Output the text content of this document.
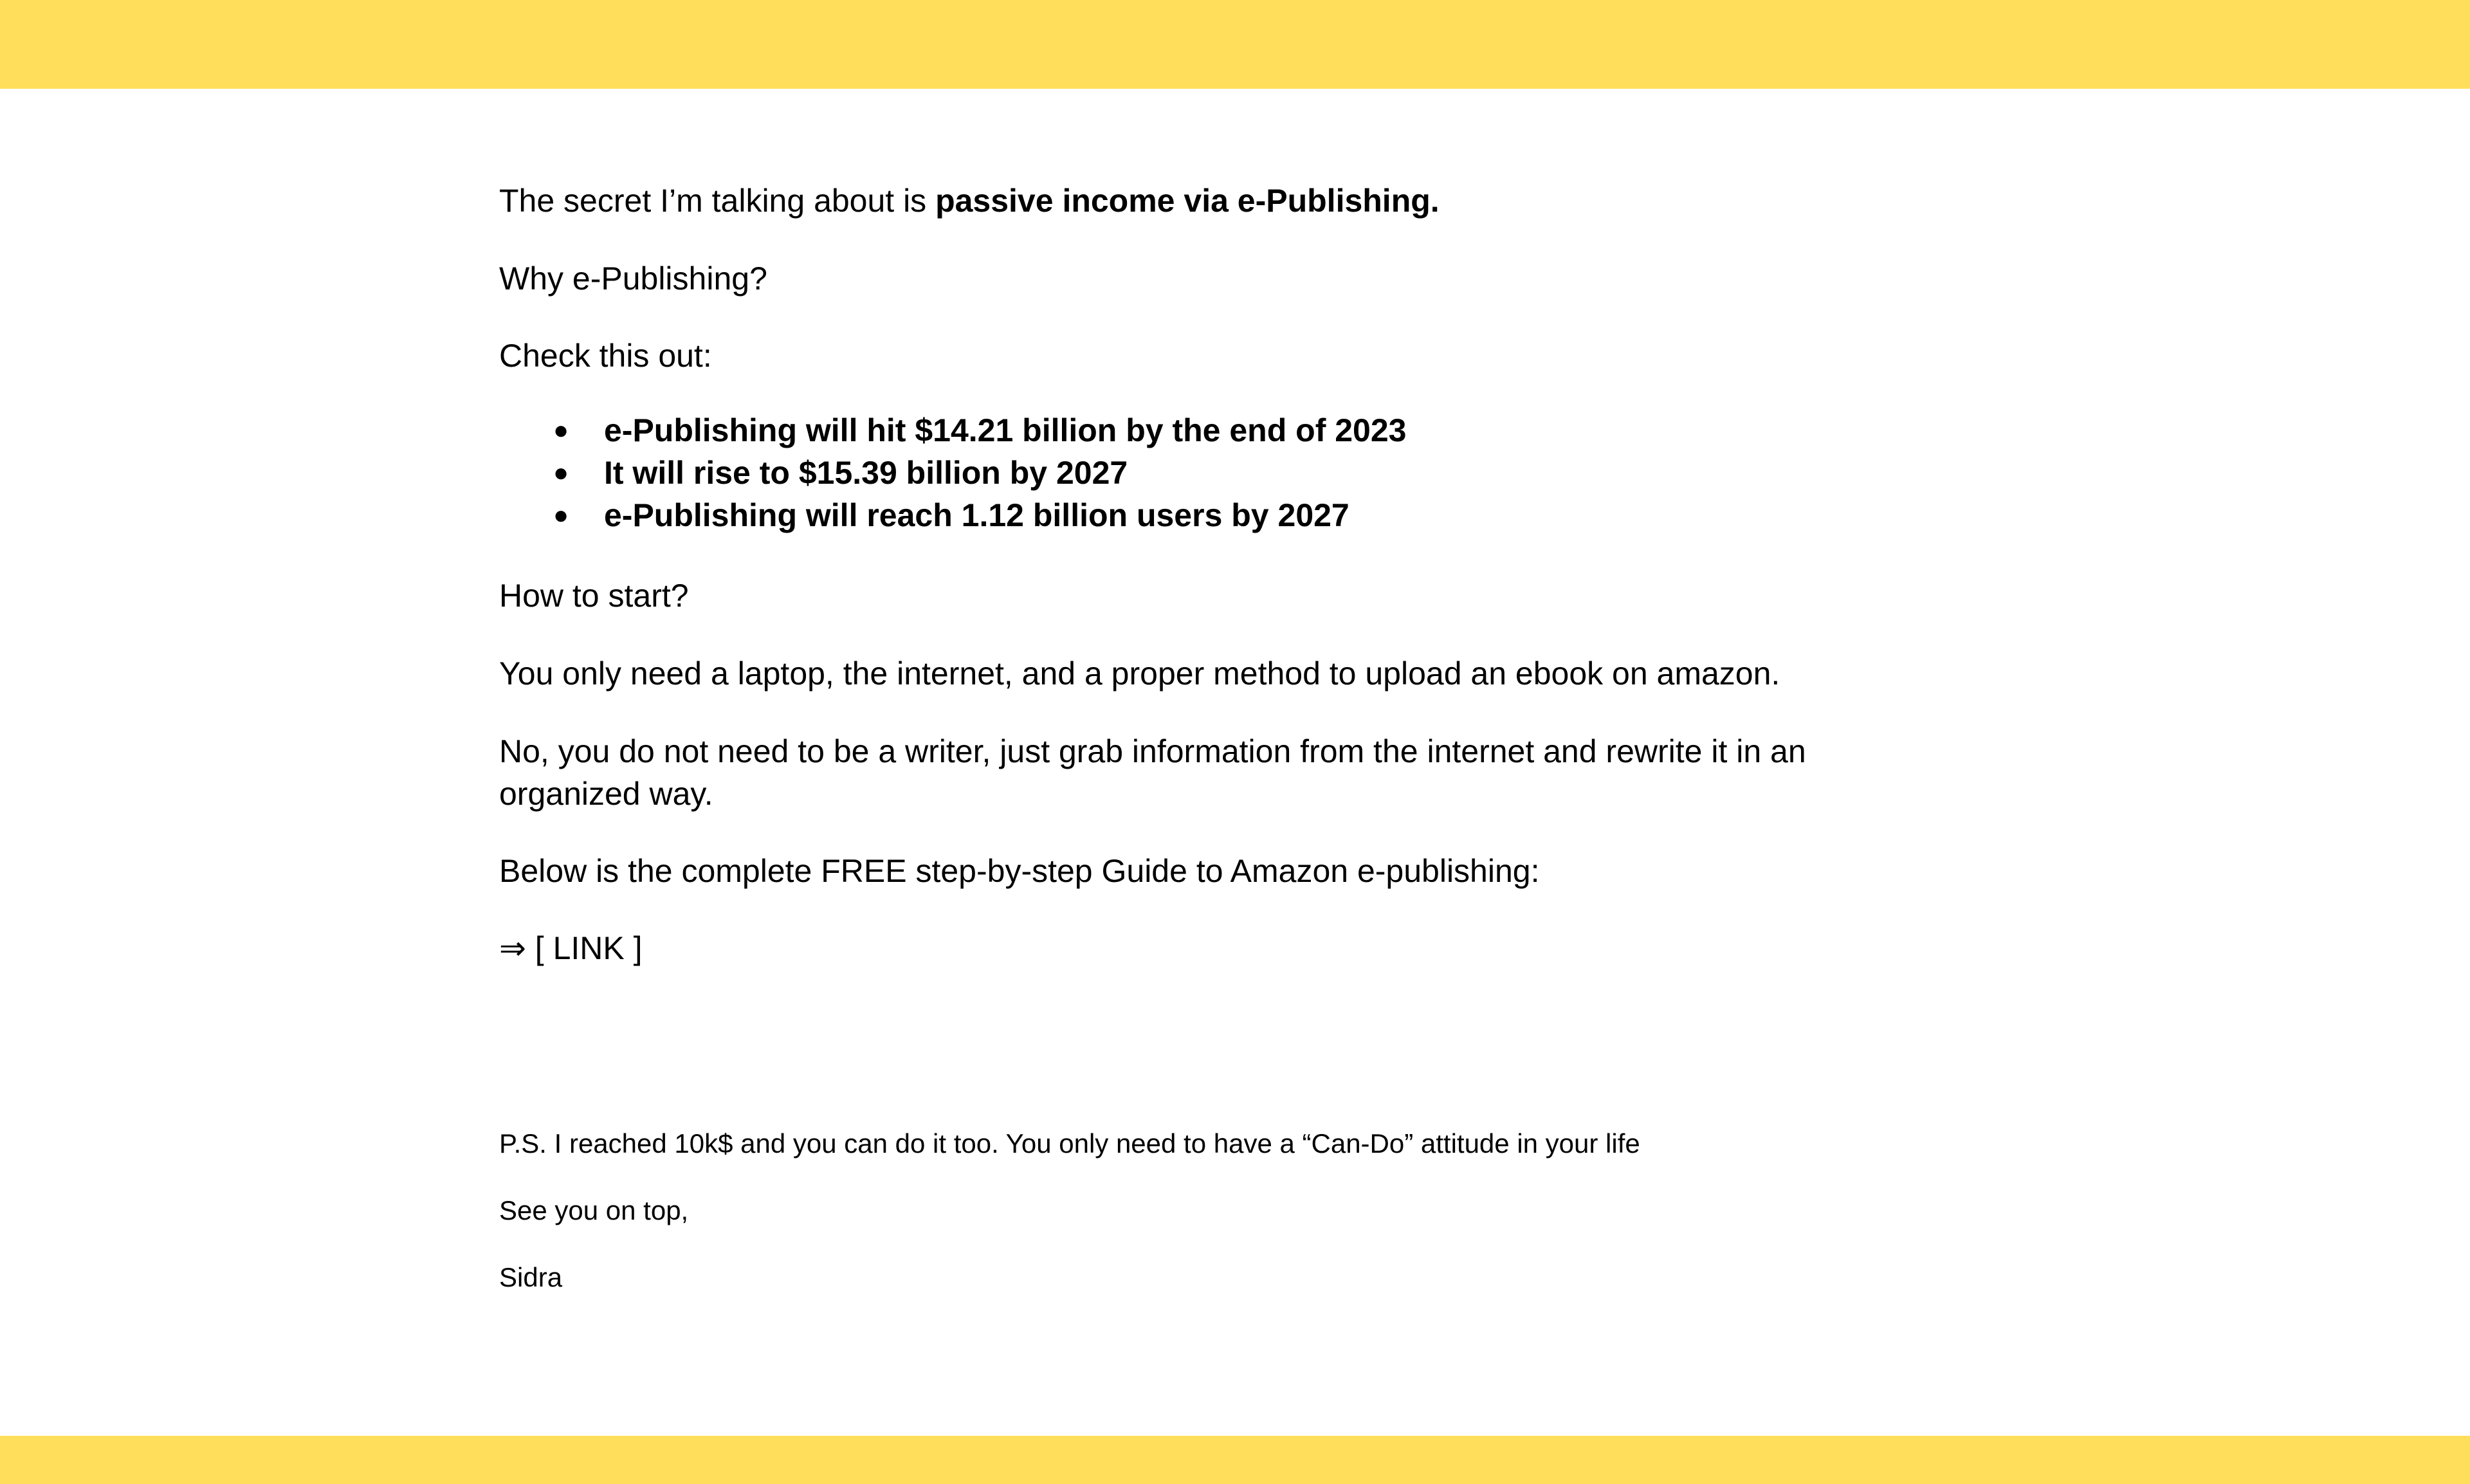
The secret I’m talking about is passive income via e-Publishing.

Why e-Publishing?

Check this out:

● e-Publishing will hit $14.21 billion by the end of 2023
● It will rise to $15.39 billion by 2027
● e-Publishing will reach 1.12 billion users by 2027

How to start?

You only need a laptop, the internet, and a proper method to upload an ebook on amazon.

No, you do not need to be a writer, just grab information from the internet and rewrite it in an

organized way.

Below is the complete FREE step-by-step Guide to Amazon e-publishing:

⇒ [ LINK ]

P.S. I reached 10k$ and you can do it too. You only need to have a “Can-Do” attitude in your life

See you on top,

Sidra
